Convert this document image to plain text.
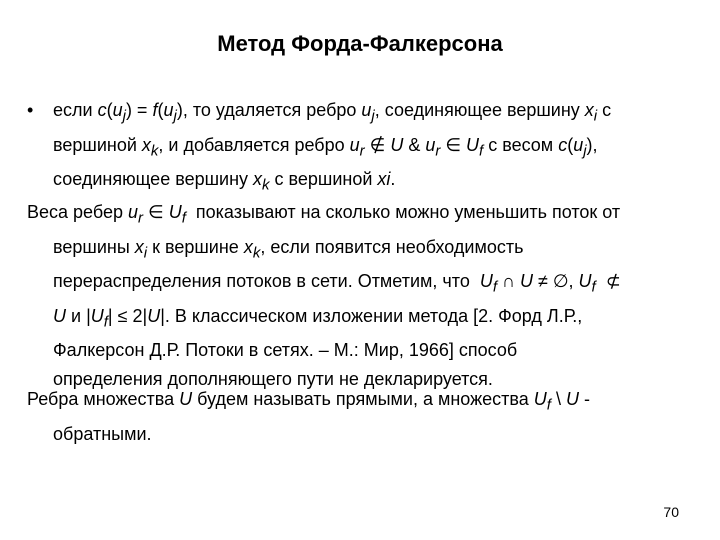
Метод Форда-Фалкерсона
• если $c(u_j) = f(u_j)$, то удаляется ребро $u_j$, соединяющее вершину $x_i$ с
вершиной $x_k$, и добавляется ребро $u_r$ ∉ U & $u_r$ ∈ $U_f$ с весом $c(u_j)$,
соединяющее вершину $x_k$ с вершиной xi.
Веса ребер $u_r$ ∈ $U_f$  показывают на сколько можно уменьшить поток от
вершины $x_i$ к вершине $x_k$, если появится необходимость
перераспределения потоков в сети. Отметим, что  $U_f$ ∩ U ≠ ∅, $U_f$  ⊄
U и $|U_f| \le 2|U|$. В классическом изложении метода [2. Форд Л.Р.,
Фалкерсон Д.Р. Потоки в сетях. – М.: Мир, 1966] способ
определения дополняющего пути не декларируется.
Ребра множества U будем называть прямыми, а множества $U_f$ \ U -
обратными.
70
